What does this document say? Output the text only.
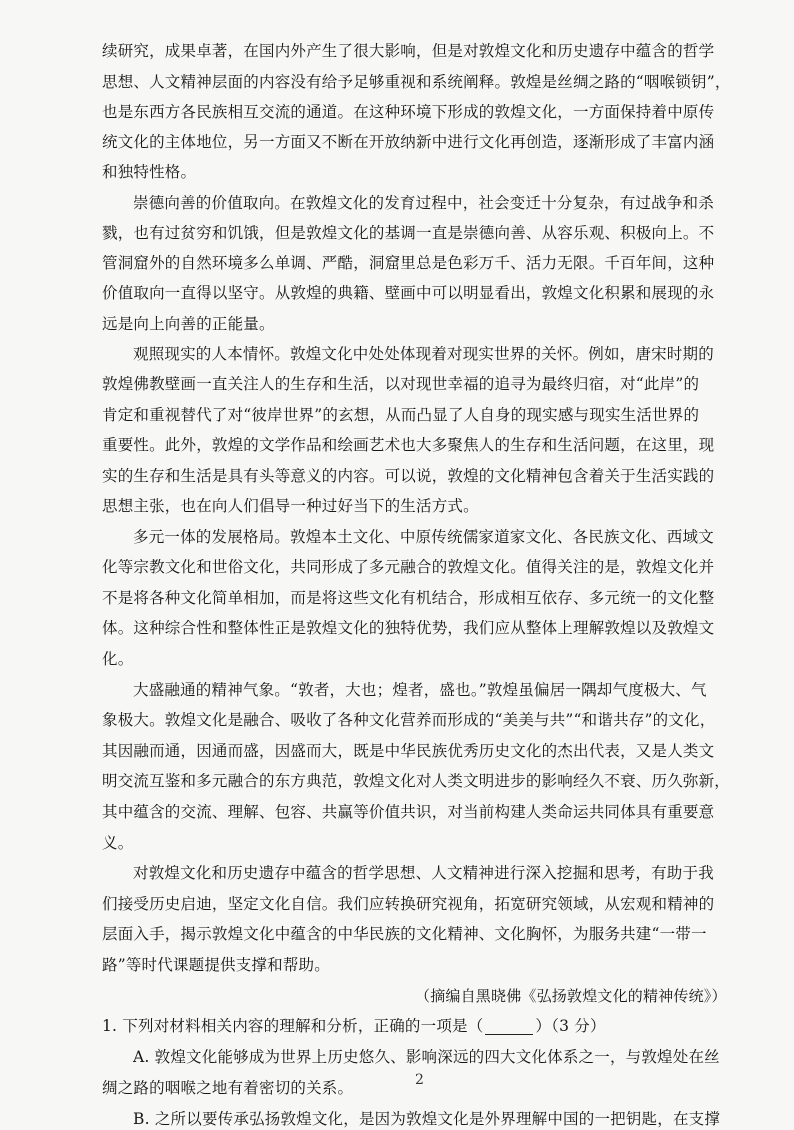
续研究，成果卓著，在国内外产生了很大影响，但是对敦煌文化和历史遗存中蕴含的哲学
思想、人文精神层面的内容没有给予足够重视和系统阐释。敦煌是丝绸之路的“咽喉锁钥”，
也是东西方各民族相互交流的通道。在这种环境下形成的敦煌文化，一方面保持着中原传
统文化的主体地位，另一方面又不断在开放纳新中进行文化再创造，逐渐形成了丰富内涵
和独特性格。
崇德向善的价值取向。在敦煌文化的发育过程中，社会变迁十分复杂，有过战争和杀
戮，也有过贫穷和饥饿，但是敦煌文化的基调一直是崇德向善、从容乐观、积极向上。不
管洞窟外的自然环境多么单调、严酷，洞窟里总是色彩万千、活力无限。千百年间，这种
价值取向一直得以坚守。从敦煌的典籍、壁画中可以明显看出，敦煌文化积累和展现的永
远是向上向善的正能量。
观照现实的人本情怀。敦煌文化中处处体现着对现实世界的关怀。例如，唐宋时期的
敦煌佛教壁画一直关注人的生存和生活，以对现世幸福的追寻为最终归宿，对“此岸”的
肯定和重视替代了对“彼岸世界”的玄想，从而凸显了人自身的现实感与现实生活世界的
重要性。此外，敦煌的文学作品和绘画艺术也大多聚焦人的生存和生活问题，在这里，现
实的生存和生活是具有头等意义的内容。可以说，敦煌的文化精神包含着关于生活实践的
思想主张，也在向人们倡导一种过好当下的生活方式。
多元一体的发展格局。敦煌本土文化、中原传统儒家道家文化、各民族文化、西域文
化等宗教文化和世俗文化，共同形成了多元融合的敦煌文化。值得关注的是，敦煌文化并
不是将各种文化简单相加，而是将这些文化有机结合，形成相互依存、多元统一的文化整
体。这种综合性和整体性正是敦煌文化的独特优势，我们应从整体上理解敦煌以及敦煌文
化。
大盛融通的精神气象。“敦者，大也；煌者，盛也。”敦煌虽偏居一隅却气度极大、气
象极大。敦煌文化是融合、吸收了各种文化营养而形成的“美美与共”“和谐共存”的文化，
其因融而通，因通而盛，因盛而大，既是中华民族优秀历史文化的杰出代表，又是人类文
明交流互鉴和多元融合的东方典范，敦煌文化对人类文明进步的影响经久不衰、历久弥新，
其中蕴含的交流、理解、包容、共赢等价值共识，对当前构建人类命运共同体具有重要意
义。
对敦煌文化和历史遗存中蕴含的哲学思想、人文精神进行深入挖掘和思考，有助于我
们接受历史启迪，坚定文化自信。我们应转换研究视角，拓宽研究领域，从宏观和精神的
层面入手，揭示敦煌文化中蕴含的中华民族的文化精神、文化胸怀，为服务共建“一带一
路”等时代课题提供支撑和帮助。
（摘编自黑晓佛《弘扬敦煌文化的精神传统》）
1. 下列对材料相关内容的理解和分析，正确的一项是（	）（3 分）
2
A. 敦煌文化能够成为世界上历史悠久、影响深远的四大文化体系之一，与敦煌处在丝
绸之路的咽喉之地有着密切的关系。
B. 之所以要传承弘扬敦煌文化，是因为敦煌文化是外界理解中国的一把钥匙，在支撑
